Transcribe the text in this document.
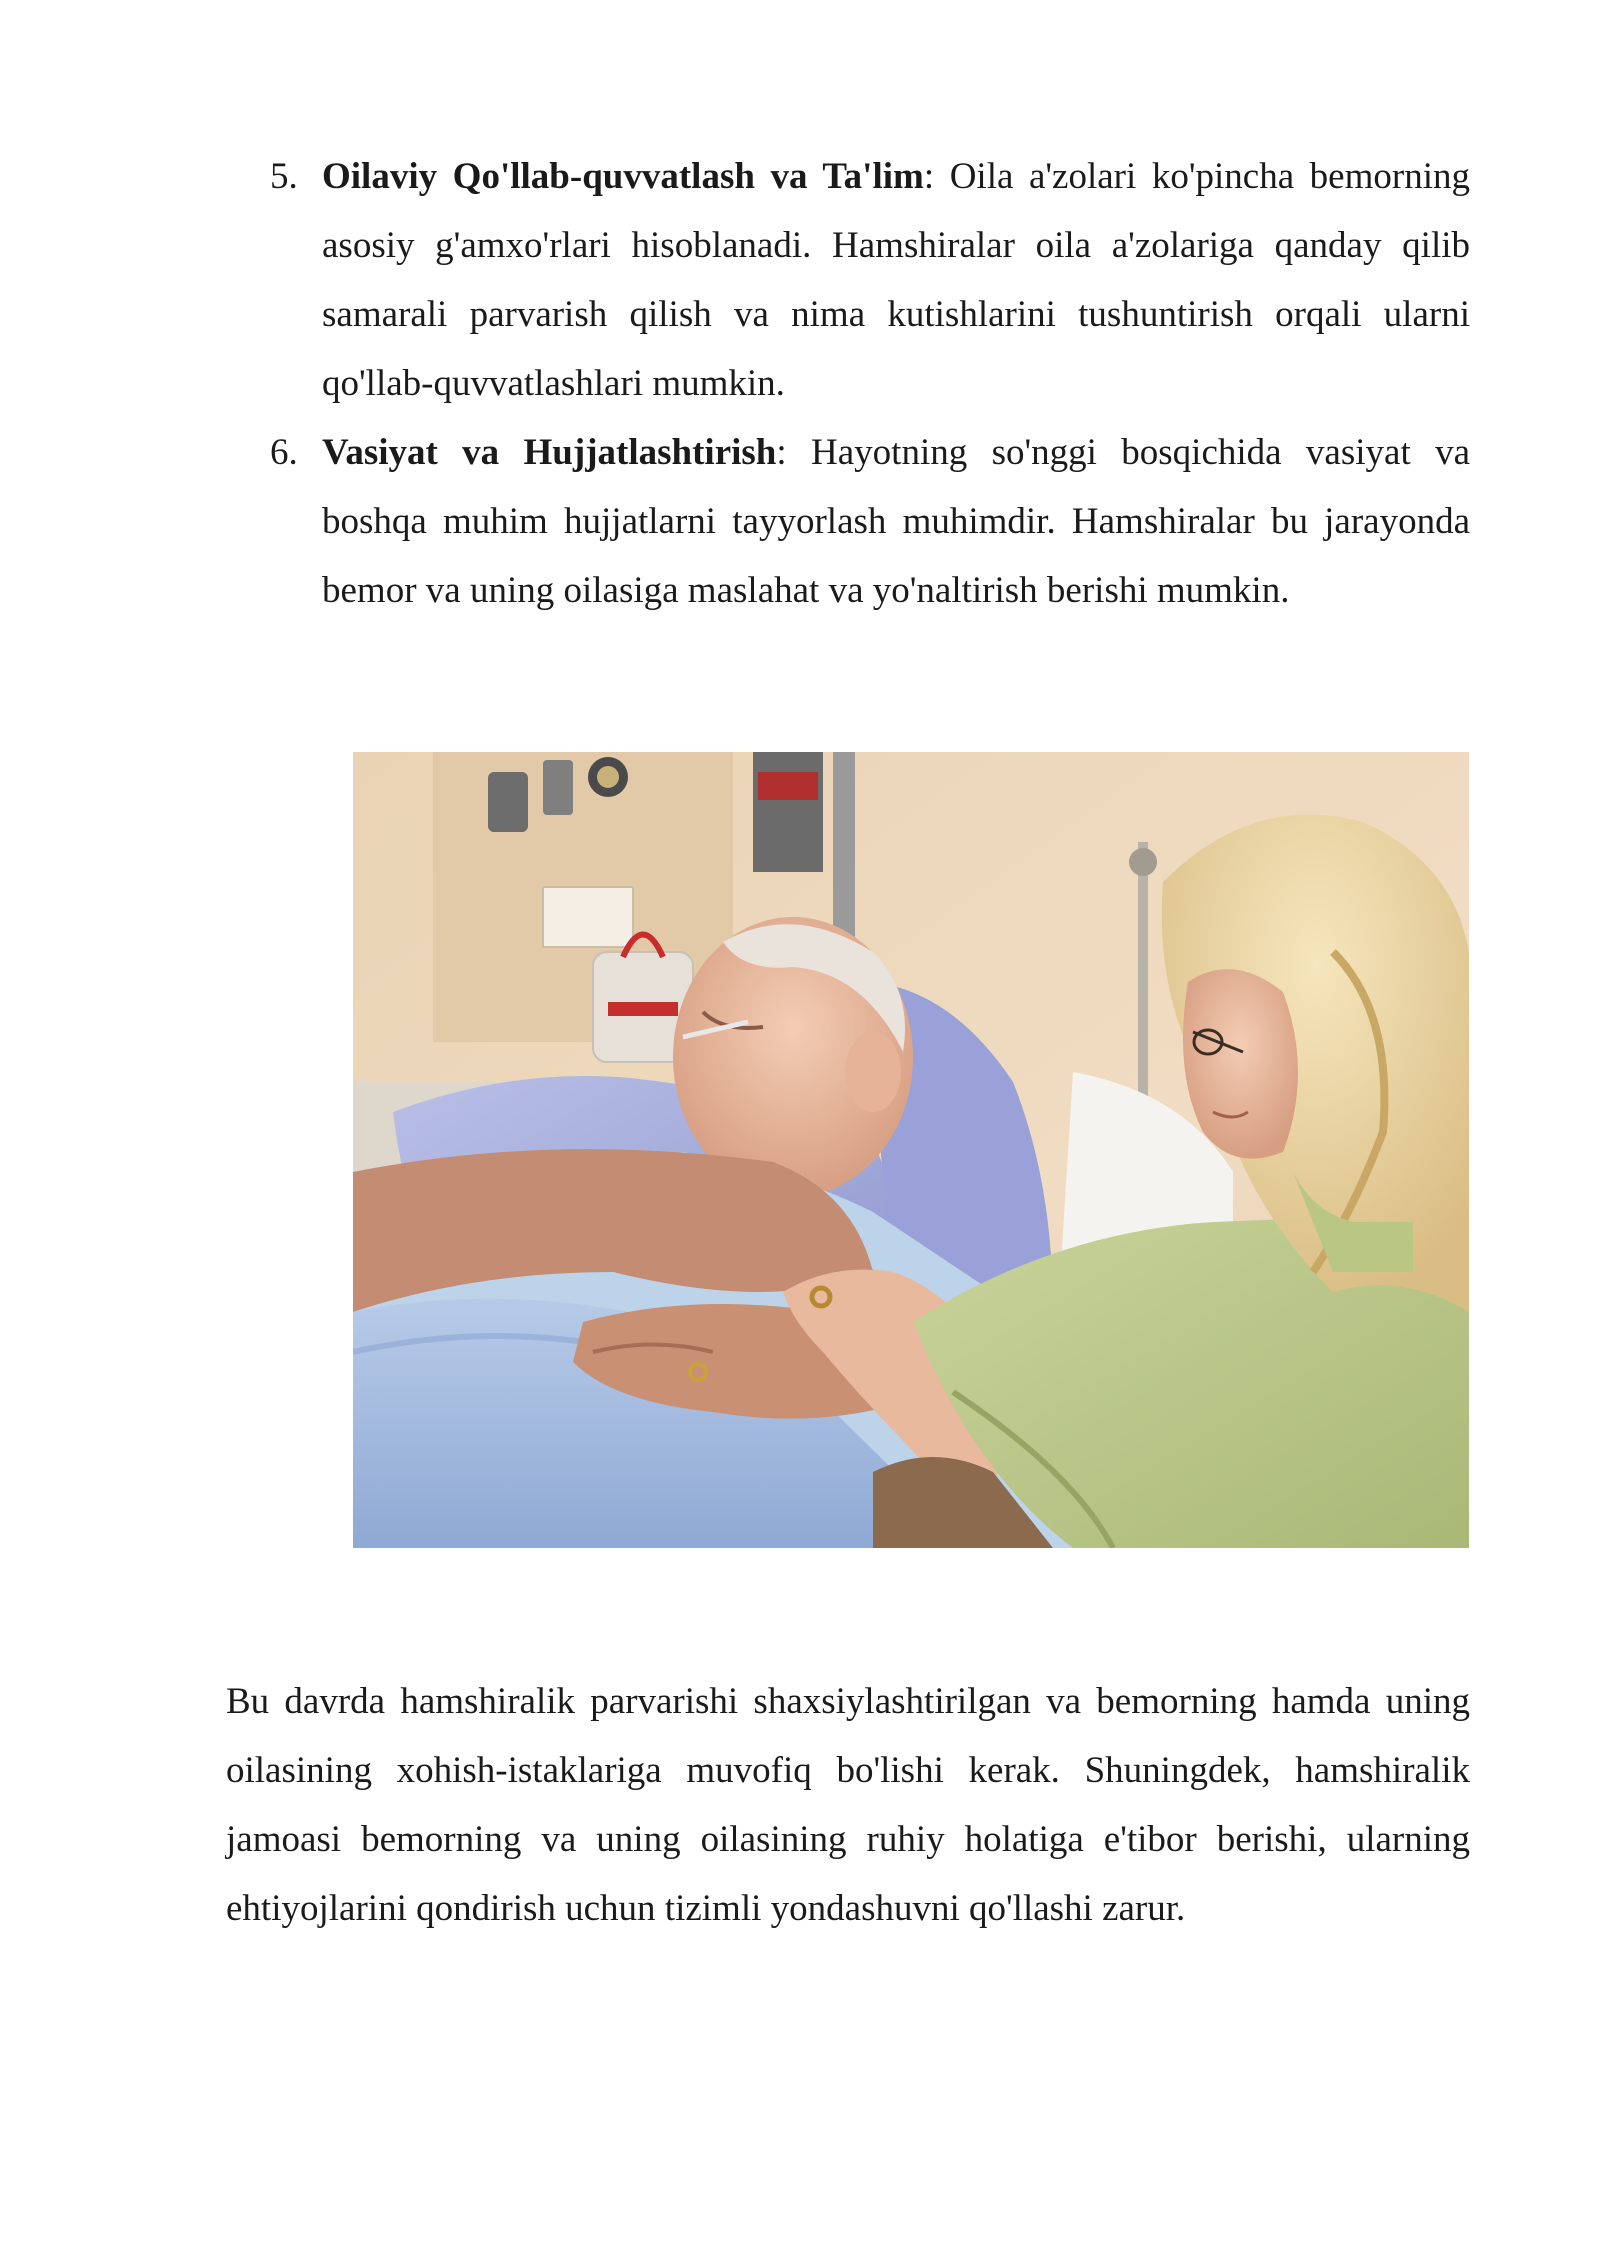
5. Oilaviy Qo'llab-quvvatlash va Ta'lim: Oila a'zolari ko'pincha bemorning asosiy g'amxo'rlari hisoblanadi. Hamshiralar oila a'zolariga qanday qilib samarali parvarish qilish va nima kutishlarini tushuntirish orqali ularni qo'llab-quvvatlashlari mumkin.
6. Vasiyat va Hujjatlashtirish: Hayotning so'nggi bosqichida vasiyat va boshqa muhim hujjatlarni tayyorlash muhimdir. Hamshiralar bu jarayonda bemor va uning oilasiga maslahat va yo'naltirish berishi mumkin.

Bu davrda hamshiralik parvarishi shaxsiylashtirilgan va bemorning hamda uning oilasining xohish-istaklariga muvofiq bo'lishi kerak. Shuningdek, hamshiralik jamoasi bemorning va uning oilasining ruhiy holatiga e'tibor berishi, ularning ehtiyojlarini qondirish uchun tizimli yondashuvni qo'llashi zarur.
